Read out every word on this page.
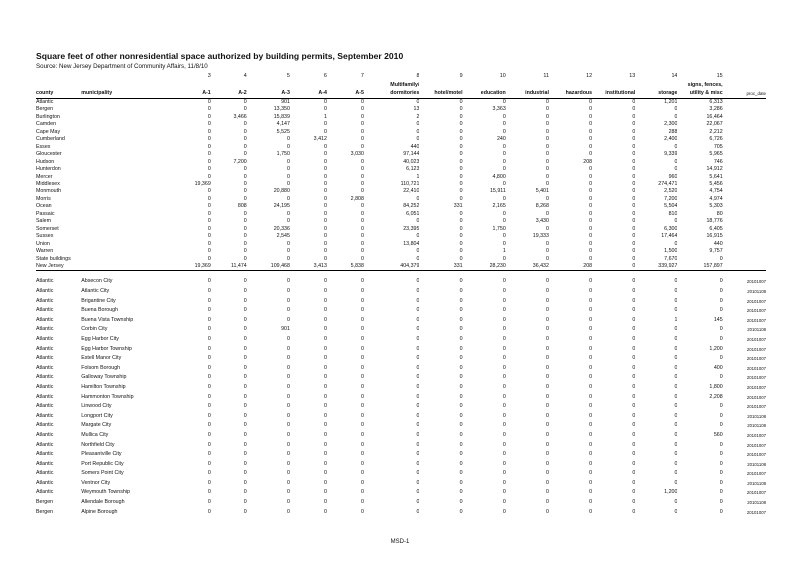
Square feet of other nonresidential space authorized by building permits, September 2010
Source: New Jersey Department of Community Affairs, 11/8/10
		3	4	5	6	7	8	9	10	11	12	13	14	15	
							Multifamily/							signs, fences,	
county	municipality	A-1	A-2	A-3	A-4	A-5	dormitories	hotel/motel	education	industrial	hazardous	institutional	storage	utility & misc	proc_date
Atlantic		0	0	901	0	0	0	0	0	0	0	0	1,201	6,313	
Bergen		0	0	13,350	0	0	13	0	3,363	0	0	0	0	3,286	
Burlington		0	3,466	15,839	1	0	2	0	0	0	0	0	0	16,464	
Camden		0	0	4,147	0	0	0	0	0	0	0	0	2,300	22,067	
Cape May		0	0	5,525	0	0	0	0	0	0	0	0	288	2,212	
Cumberland		0	0	0	3,412	0	0	0	240	0	0	0	2,400	6,726	
Essex		0	0	0	0	0	440	0	0	0	0	0	0	705	
Gloucester		0	0	1,750	0	3,030	97,144	0	0	0	0	0	9,339	5,965	
Hudson		0	7,200	0	0	0	40,023	0	0	0	208	0	0	746	
Hunterdon		0	0	0	0	0	6,123	0	0	0	0	0	0	14,912	
Mercer		0	0	0	0	0	1	0	4,800	0	0	0	960	5,641	
Middlesex		19,369	0	0	0	0	110,721	0	0	0	0	0	274,471	5,456	
Monmouth		0	0	20,880	0	0	22,410	0	15,911	5,401	0	0	2,520	4,754	
Morris		0	0	0	0	2,808	0	0	0	0	0	0	7,200	4,974	
Ocean		0	808	24,195	0	0	84,252	331	2,165	8,268	0	0	5,504	5,303	
Passaic		0	0	0	0	0	6,051	0	0	0	0	0	810	80	
Salem		0	0	0	0	0	0	0	0	3,430	0	0	0	18,776	
Somerset		0	0	20,336	0	0	23,395	0	1,750	0	0	0	6,300	6,405	
Sussex		0	0	2,545	0	0	0	0	0	19,333	0	0	17,464	16,915	
Union		0	0	0	0	0	13,804	0	0	0	0	0	0	440	
Warren		0	0	0	0	0	0	0	1	0	0	0	1,500	9,757	
State buildings		0	0	0	0	0	0	0	0	0	0	0	7,670	0	
New Jersey		19,369	11,474	109,468	3,413	5,838	404,379	331	28,230	36,432	208	0	339,927	157,897	

Atlantic	Absecon City	0	0	0	0	0	0	0	0	0	0	0	0	0	20101007
Atlantic	Atlantic City	0	0	0	0	0	0	0	0	0	0	0	0	0	20101108
Atlantic	Brigantine City	0	0	0	0	0	0	0	0	0	0	0	0	0	20101007
Atlantic	Buena Borough	0	0	0	0	0	0	0	0	0	0	0	0	0	20101007
Atlantic	Buena Vista Township	0	0	0	0	0	0	0	0	0	0	0	1	145	20101007
Atlantic	Corbin City	0	0	901	0	0	0	0	0	0	0	0	0	0	20101108
Atlantic	Egg Harbor City	0	0	0	0	0	0	0	0	0	0	0	0	0	20101007
Atlantic	Egg Harbor Township	0	0	0	0	0	0	0	0	0	0	0	0	1,200	20101007
Atlantic	Estell Manor City	0	0	0	0	0	0	0	0	0	0	0	0	0	20101007
Atlantic	Folsom Borough	0	0	0	0	0	0	0	0	0	0	0	0	400	20101007
Atlantic	Galloway Township	0	0	0	0	0	0	0	0	0	0	0	0	0	20101007
Atlantic	Hamilton Township	0	0	0	0	0	0	0	0	0	0	0	0	1,800	20101007
Atlantic	Hammonton Township	0	0	0	0	0	0	0	0	0	0	0	0	2,208	20101007
Atlantic	Linwood City	0	0	0	0	0	0	0	0	0	0	0	0	0	20101007
Atlantic	Longport City	0	0	0	0	0	0	0	0	0	0	0	0	0	20101108
Atlantic	Margate City	0	0	0	0	0	0	0	0	0	0	0	0	0	20101108
Atlantic	Mullica City	0	0	0	0	0	0	0	0	0	0	0	0	560	20101007
Atlantic	Northfield City	0	0	0	0	0	0	0	0	0	0	0	0	0	20101007
Atlantic	Pleasantville City	0	0	0	0	0	0	0	0	0	0	0	0	0	20101007
Atlantic	Port Republic City	0	0	0	0	0	0	0	0	0	0	0	0	0	20101108
Atlantic	Somers Point City	0	0	0	0	0	0	0	0	0	0	0	0	0	20101007
Atlantic	Ventnor City	0	0	0	0	0	0	0	0	0	0	0	0	0	20101108
Atlantic	Weymouth Township	0	0	0	0	0	0	0	0	0	0	0	1,200	0	20101007
Bergen	Allendale Borough	0	0	0	0	0	0	0	0	0	0	0	0	0	20101108
Bergen	Alpine Borough	0	0	0	0	0	0	0	0	0	0	0	0	0	20101007
MSD-1
